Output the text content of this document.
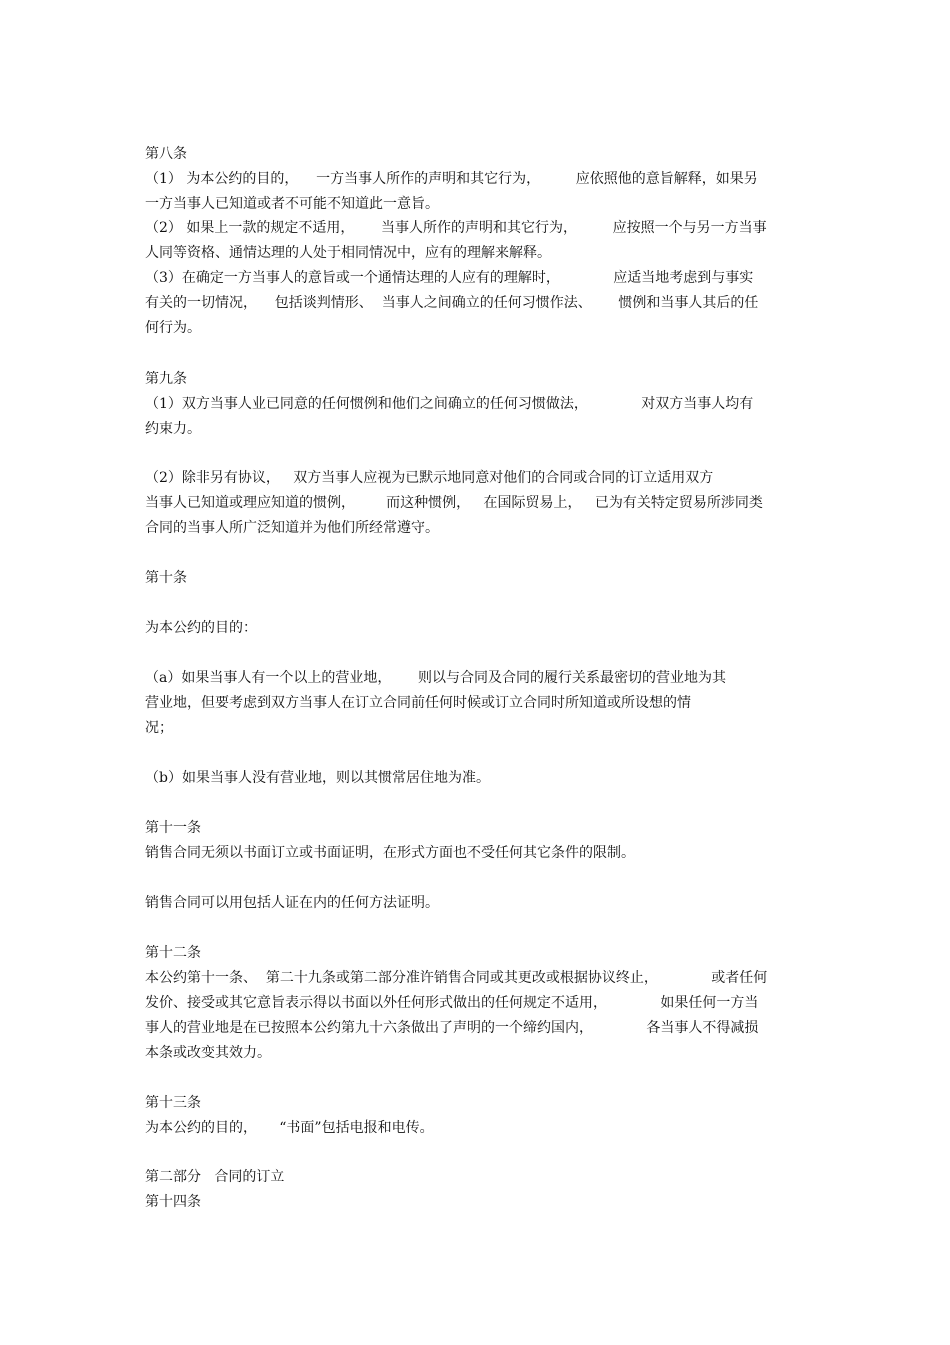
第八条

（1） 为本公约的目的，    一方当事人所作的声明和其它行为，        应依照他的意旨解释，如果另

一方当事人已知道或者不可能不知道此一意旨。

（2） 如果上一款的规定不适用，      当事人所作的声明和其它行为，        应按照一个与另一方当事

人同等资格、通情达理的人处于相同情况中，应有的理解来解释。

（3）在确定一方当事人的意旨或一个通情达理的人应有的理解时，            应适当地考虑到与事实

有关的一切情况，    包括谈判情形、  当事人之间确立的任何习惯作法、      惯例和当事人其后的任

何行为。

第九条

（1）双方当事人业已同意的任何惯例和他们之间确立的任何习惯做法，            对双方当事人均有

约束力。

（2）除非另有协议，   双方当事人应视为已默示地同意对他们的合同或合同的订立适用双方

当事人已知道或理应知道的惯例，       而这种惯例，   在国际贸易上，   已为有关特定贸易所涉同类

合同的当事人所广泛知道并为他们所经常遵守。

第十条

为本公约的目的：

（a）如果当事人有一个以上的营业地，      则以与合同及合同的履行关系最密切的营业地为其

营业地，但要考虑到双方当事人在订立合同前任何时候或订立合同时所知道或所设想的情

况；

（b）如果当事人没有营业地，则以其惯常居住地为准。

第十一条

销售合同无须以书面订立或书面证明，在形式方面也不受任何其它条件的限制。

销售合同可以用包括人证在内的任何方法证明。

第十二条

本公约第十一条、  第二十九条或第二部分准许销售合同或其更改或根据协议终止，            或者任何

发价、接受或其它意旨表示得以书面以外任何形式做出的任何规定不适用，            如果任何一方当

事人的营业地是在已按照本公约第九十六条做出了声明的一个缔约国内，            各当事人不得减损

本条或改变其效力。

第十三条

为本公约的目的，     “书面”包括电报和电传。

第二部分   合同的订立

第十四条
